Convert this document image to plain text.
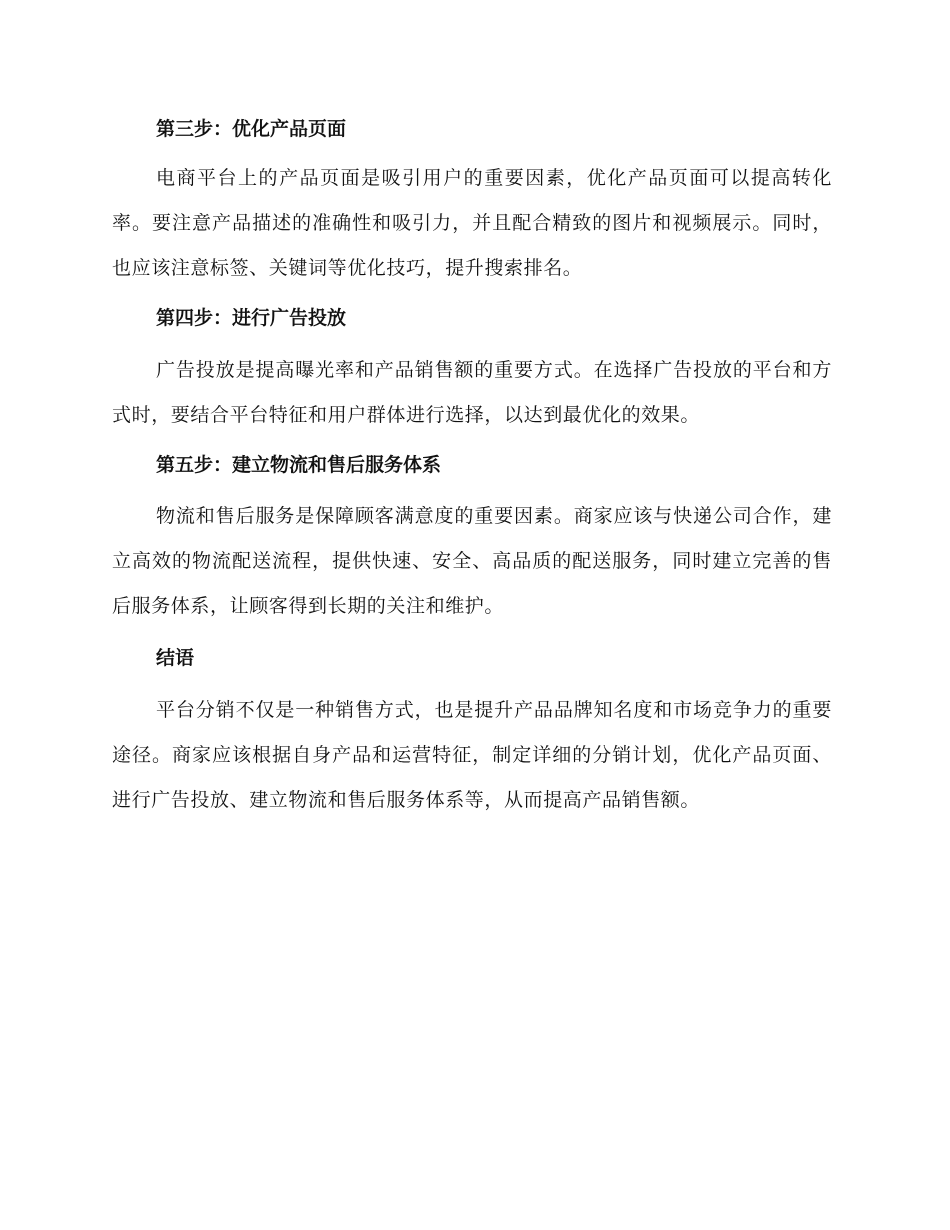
第三步：优化产品页面

电商平台上的产品页面是吸引用户的重要因素，优化产品页面可以提高转化率。要注意产品描述的准确性和吸引力，并且配合精致的图片和视频展示。同时，也应该注意标签、关键词等优化技巧，提升搜索排名。

第四步：进行广告投放

广告投放是提高曝光率和产品销售额的重要方式。在选择广告投放的平台和方式时，要结合平台特征和用户群体进行选择，以达到最优化的效果。

第五步：建立物流和售后服务体系

物流和售后服务是保障顾客满意度的重要因素。商家应该与快递公司合作，建立高效的物流配送流程，提供快速、安全、高品质的配送服务，同时建立完善的售后服务体系，让顾客得到长期的关注和维护。

结语

平台分销不仅是一种销售方式，也是提升产品品牌知名度和市场竞争力的重要途径。商家应该根据自身产品和运营特征，制定详细的分销计划，优化产品页面、进行广告投放、建立物流和售后服务体系等，从而提高产品销售额。
